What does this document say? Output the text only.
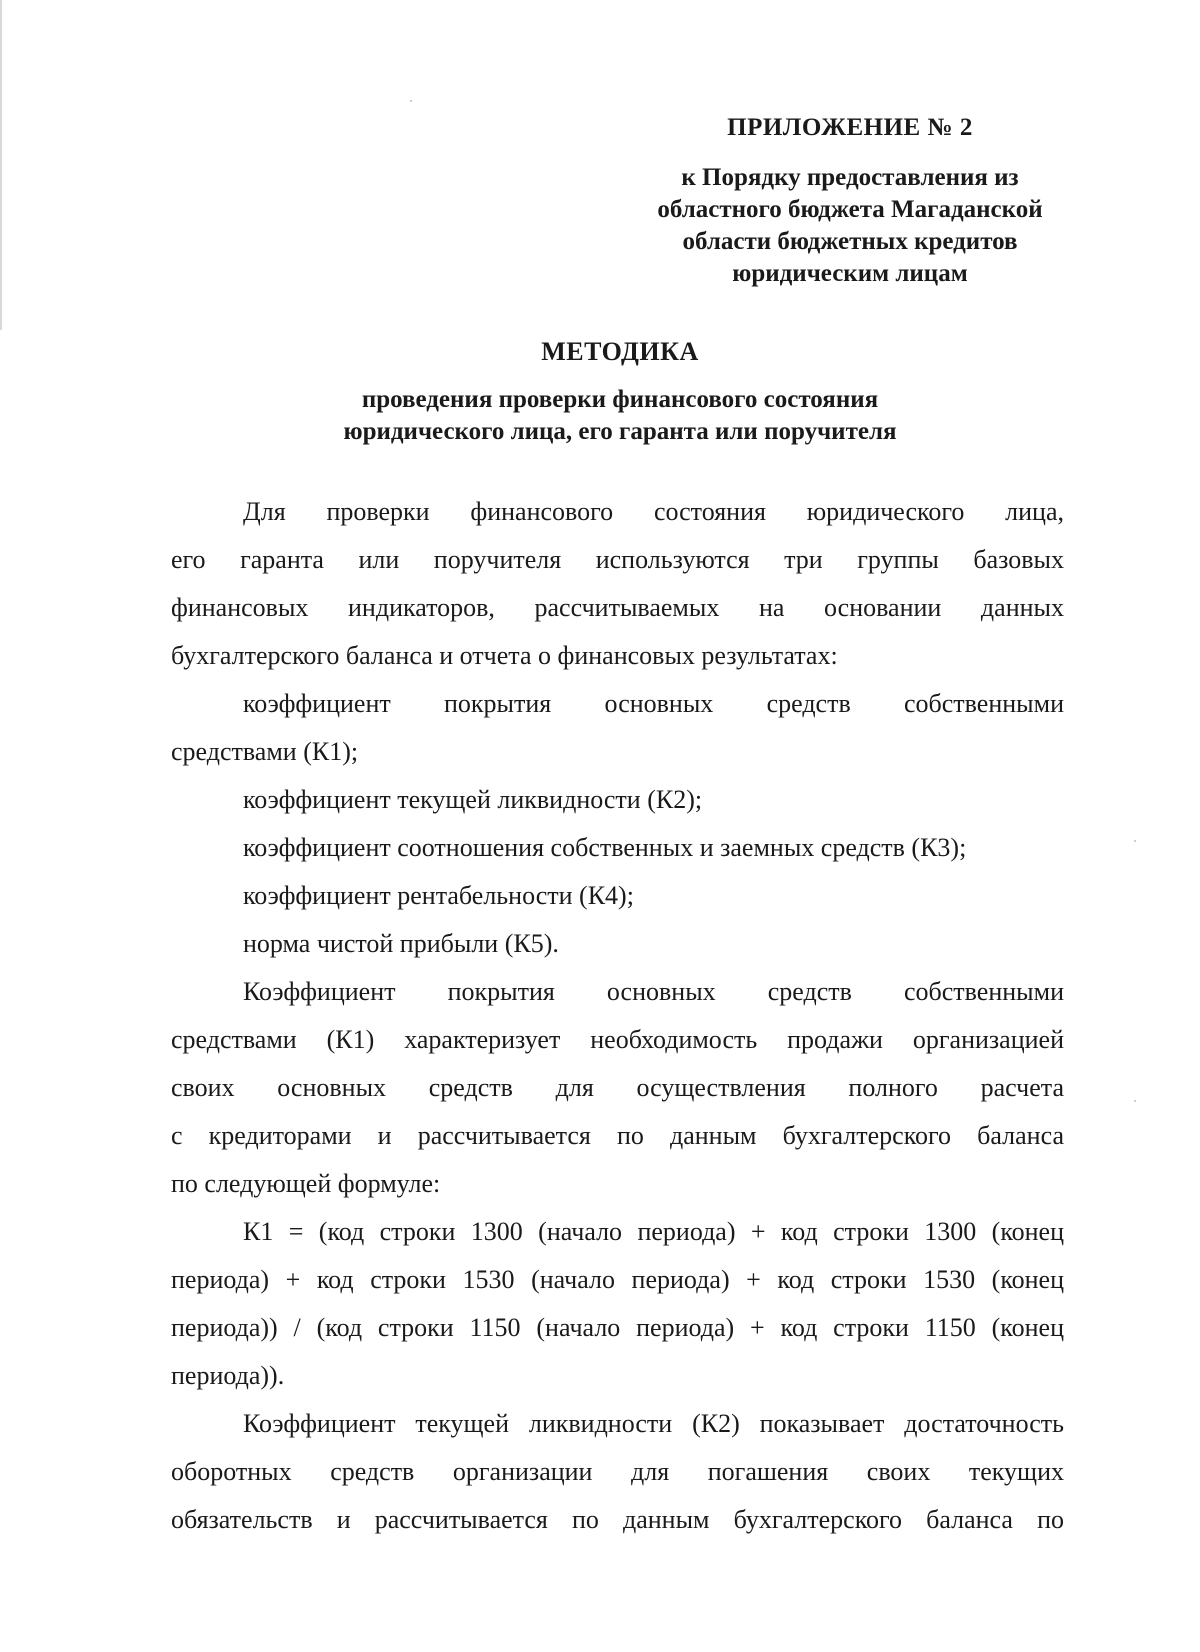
ПРИЛОЖЕНИЕ № 2
к Порядку предоставления из
областного бюджета Магаданской
области бюджетных кредитов
юридическим лицам
МЕТОДИКА
проведения проверки финансового состояния
юридического лица, его гаранта или поручителя
Для проверки финансового состояния юридического лица,
его гаранта или поручителя используются три группы базовых
финансовых индикаторов, рассчитываемых на основании данных
бухгалтерского баланса и отчета о финансовых результатах:
коэффициент покрытия основных средств собственными
средствами (К1);
коэффициент текущей ликвидности (К2);
коэффициент соотношения собственных и заемных средств (К3);
коэффициент рентабельности (К4);
норма чистой прибыли (К5).
Коэффициент покрытия основных средств собственными
средствами (К1) характеризует необходимость продажи организацией
своих основных средств для осуществления полного расчета
с кредиторами и рассчитывается по данным бухгалтерского баланса
по следующей формуле:
К1 = (код строки 1300 (начало периода) + код строки 1300 (конец
периода) + код строки 1530 (начало периода) + код строки 1530 (конец
периода)) / (код строки 1150 (начало периода) + код строки 1150 (конец
периода)).
Коэффициент текущей ликвидности (К2) показывает достаточность
оборотных средств организации для погашения своих текущих
обязательств и рассчитывается по данным бухгалтерского баланса по
